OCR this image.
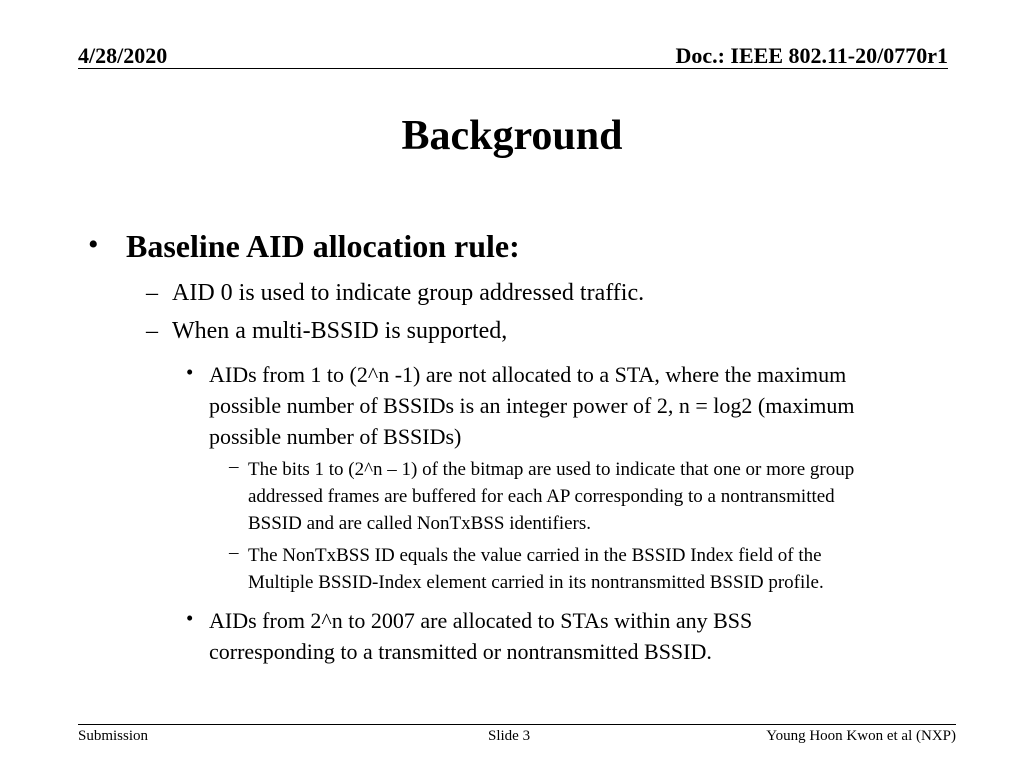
4/28/2020	Doc.: IEEE 802.11-20/0770r1
Background
• Baseline AID allocation rule:
– AID 0 is used to indicate group addressed traffic.
– When a multi-BSSID is supported,
• AIDs from 1 to (2^n -1) are not allocated to a STA, where the maximum
possible number of BSSIDs is an integer power of 2, n = log2 (maximum
possible number of BSSIDs)
– The bits 1 to (2^n – 1) of the bitmap are used to indicate that one or more group
addressed frames are buffered for each AP corresponding to a nontransmitted
BSSID and are called NonTxBSS identifiers.
– The NonTxBSS ID equals the value carried in the BSSID Index field of the
Multiple BSSID-Index element carried in its nontransmitted BSSID profile.
• AIDs from 2^n to 2007 are allocated to STAs within any BSS
corresponding to a transmitted or nontransmitted BSSID.
Submission	Slide 3	Young Hoon Kwon et al (NXP)
